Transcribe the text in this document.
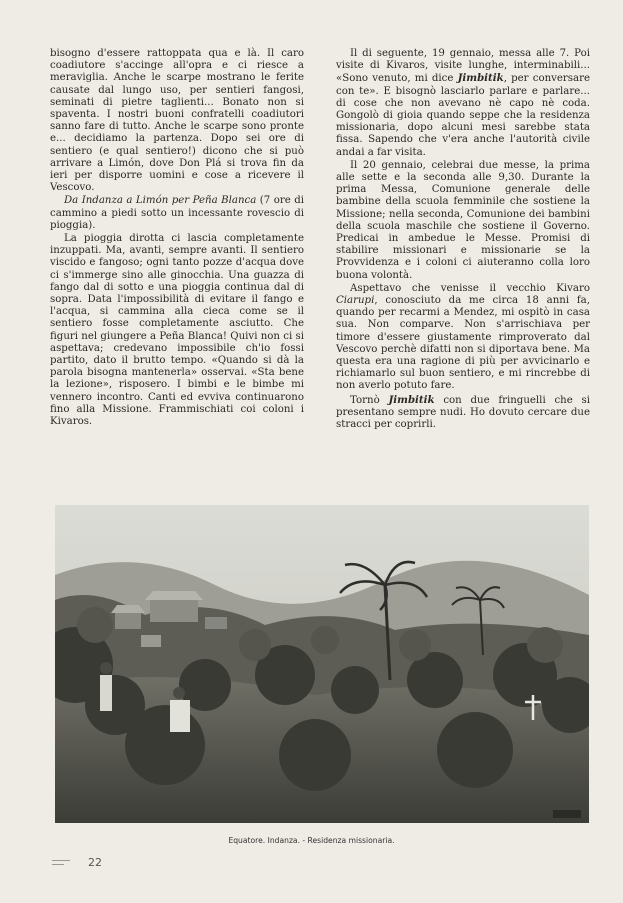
bisogno d'essere rattoppata qua e là. Il caro coadiutore s'accinge all'opra e ci riesce a meraviglia. Anche le scarpe mostrano le ferite causate dal lungo uso, per sentieri fangosi, seminati di pietre taglienti... Bonato non si spaventa. I nostri buoni confratelli coadiutori sanno fare di tutto. Anche le scarpe sono pronte e... decidiamo la partenza. Dopo sei ore di sentiero (e qual sentiero!) dicono che si può arrivare a Limón, dove Don Plá si trova fin da ieri per disporre uomini e cose a ricevere il Vescovo.

Da Indanza a Limón per Peña Blanca (7 ore di cammino a piedi sotto un incessante rovescio di pioggia).

La pioggia dirotta ci lascia completamente inzuppati. Ma, avanti, sempre avanti. Il sentiero viscido e fangoso; ogni tanto pozze d'acqua dove ci s'immerge sino alle ginocchia. Una guazza di fango dal di sotto e una pioggia continua dal di sopra. Data l'impossibilità di evitare il fango e l'acqua, si cammina alla cieca come se il sentiero fosse completamente asciutto. Che figuri nel giungere a Peña Blanca! Quivi non ci si aspettava; credevano impossibile ch'io fossi partito, dato il brutto tempo. «Quando si dà la parola bisogna mantenerla» osservai. «Sta bene la lezione», risposero. I bimbi e le bimbe mi vennero incontro. Canti ed evviva continuarono fino alla Missione. Frammischiati coi coloni i Kivaros.

Il di seguente, 19 gennaio, messa alle 7. Poi visite di Kivaros, visite lunghe, interminabili... «Sono venuto, mi dice Jimbitik, per conversare con te». E bisognò lasciarlo parlare e parlare... di cose che non avevano nè capo nè coda. Gongolò di gioia quando seppe che la residenza missionaria, dopo alcuni mesi sarebbe stata fissa. Sapendo che v'era anche l'autorità civile andai a far visita.

Il 20 gennaio, celebrai due messe, la prima alle sette e la seconda alle 9,30. Durante la prima Messa, Comunione generale delle bambine della scuola femminile che sostiene la Missione; nella seconda, Comunione dei bambini della scuola maschile che sostiene il Governo. Predicai in ambedue le Messe. Promisi di stabilire missionari e missionarie se la Provvidenza e i coloni ci aiuteranno colla loro buona volontà.

Aspettavo che venisse il vecchio Kivaro Ciarupi, conosciuto da me circa 18 anni fa, quando per recarmi a Mendez, mi ospitò in casa sua. Non comparve. Non s'arrischiava per timore d'essere giustamente rimproverato dal Vescovo perchè difatti non si diportava bene. Ma questa era una ragione di più per avvicinarlo e richiamarlo sul buon sentiero, e mi rincrebbe di non averlo potuto fare.

Tornò Jimbitik con due fringuelli che si presentano sempre nudi. Ho dovuto cercare due stracci per coprirli.

Equatore. Indanza. - Residenza missionaria.
22
